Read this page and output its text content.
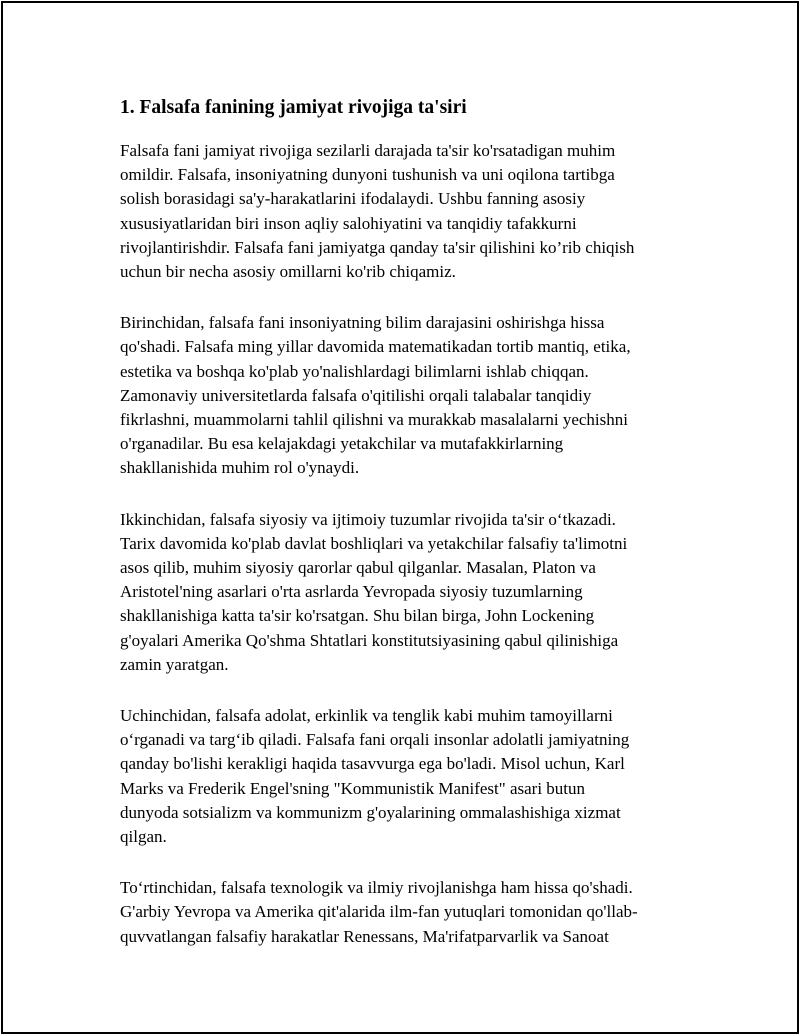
1. Falsafa fanining jamiyat rivojiga ta'siri

Falsafa fani jamiyat rivojiga sezilarli darajada ta'sir ko'rsatadigan muhim
omildir. Falsafa, insoniyatning dunyoni tushunish va uni oqilona tartibga
solish borasidagi sa'y-harakatlarini ifodalaydi. Ushbu fanning asosiy
xususiyatlaridan biri inson aqliy salohiyatini va tanqidiy tafakkurni
rivojlantirishdir. Falsafa fani jamiyatga qanday ta'sir qilishini ko’rib chiqish
uchun bir necha asosiy omillarni ko'rib chiqamiz.

Birinchidan, falsafa fani insoniyatning bilim darajasini oshirishga hissa
qo'shadi. Falsafa ming yillar davomida matematikadan tortib mantiq, etika,
estetika va boshqa ko'plab yo'nalishlardagi bilimlarni ishlab chiqqan.
Zamonaviy universitetlarda falsafa o'qitilishi orqali talabalar tanqidiy
fikrlashni, muammolarni tahlil qilishni va murakkab masalalarni yechishni
o'rganadilar. Bu esa kelajakdagi yetakchilar va mutafakkirlarning
shakllanishida muhim rol o'ynaydi.

Ikkinchidan, falsafa siyosiy va ijtimoiy tuzumlar rivojida ta'sir o‘tkazadi.
Tarix davomida ko'plab davlat boshliqlari va yetakchilar falsafiy ta'limotni
asos qilib, muhim siyosiy qarorlar qabul qilganlar. Masalan, Platon va
Aristotel'ning asarlari o'rta asrlarda Yevropada siyosiy tuzumlarning
shakllanishiga katta ta'sir ko'rsatgan. Shu bilan birga, John Lockening
g'oyalari Amerika Qo'shma Shtatlari konstitutsiyasining qabul qilinishiga
zamin yaratgan.

Uchinchidan, falsafa adolat, erkinlik va tenglik kabi muhim tamoyillarni
o‘rganadi va targ‘ib qiladi. Falsafa fani orqali insonlar adolatli jamiyatning
qanday bo'lishi kerakligi haqida tasavvurga ega bo'ladi. Misol uchun, Karl
Marks va Frederik Engel'sning "Kommunistik Manifest" asari butun
dunyoda sotsializm va kommunizm g'oyalarining ommalashishiga xizmat
qilgan.

To‘rtinchidan, falsafa texnologik va ilmiy rivojlanishga ham hissa qo'shadi.
G'arbiy Yevropa va Amerika qit'alarida ilm-fan yutuqlari tomonidan qo'llab-
quvvatlangan falsafiy harakatlar Renessans, Ma'rifatparvarlik va Sanoat
